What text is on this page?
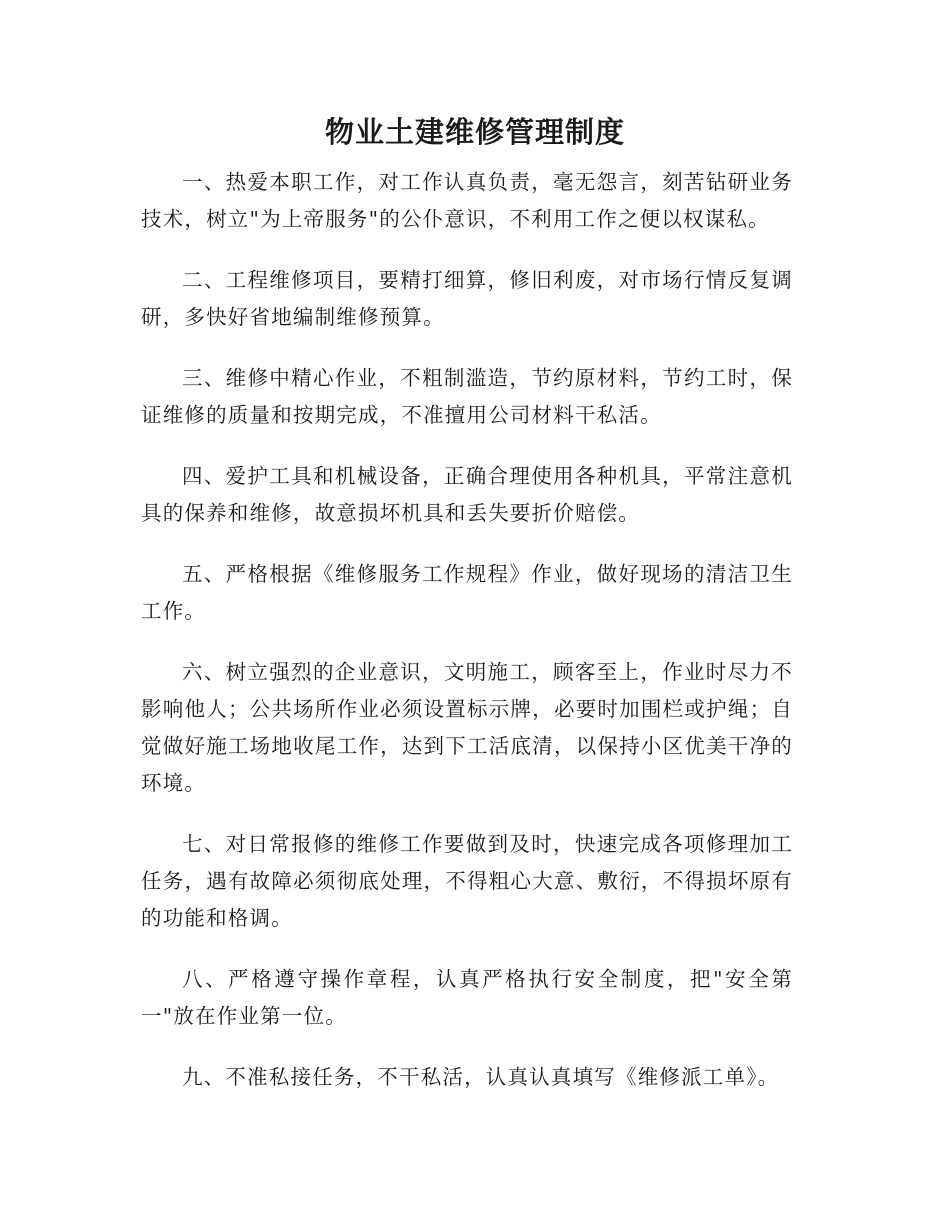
物业土建维修管理制度

一、热爱本职工作，对工作认真负责，毫无怨言，刻苦钻研业务技术，树立"为上帝服务"的公仆意识，不利用工作之便以权谋私。

二、工程维修项目，要精打细算，修旧利废，对市场行情反复调研，多快好省地编制维修预算。

三、维修中精心作业，不粗制滥造，节约原材料，节约工时，保证维修的质量和按期完成，不准擅用公司材料干私活。

四、爱护工具和机械设备，正确合理使用各种机具，平常注意机具的保养和维修，故意损坏机具和丢失要折价赔偿。

五、严格根据《维修服务工作规程》作业，做好现场的清洁卫生工作。

六、树立强烈的企业意识，文明施工，顾客至上，作业时尽力不影响他人；公共场所作业必须设置标示牌，必要时加围栏或护绳；自觉做好施工场地收尾工作，达到下工活底清，以保持小区优美干净的环境。

七、对日常报修的维修工作要做到及时，快速完成各项修理加工任务，遇有故障必须彻底处理，不得粗心大意、敷衍，不得损坏原有的功能和格调。

八、严格遵守操作章程，认真严格执行安全制度，把"安全第一"放在作业第一位。

九、不准私接任务，不干私活，认真认真填写《维修派工单》。
